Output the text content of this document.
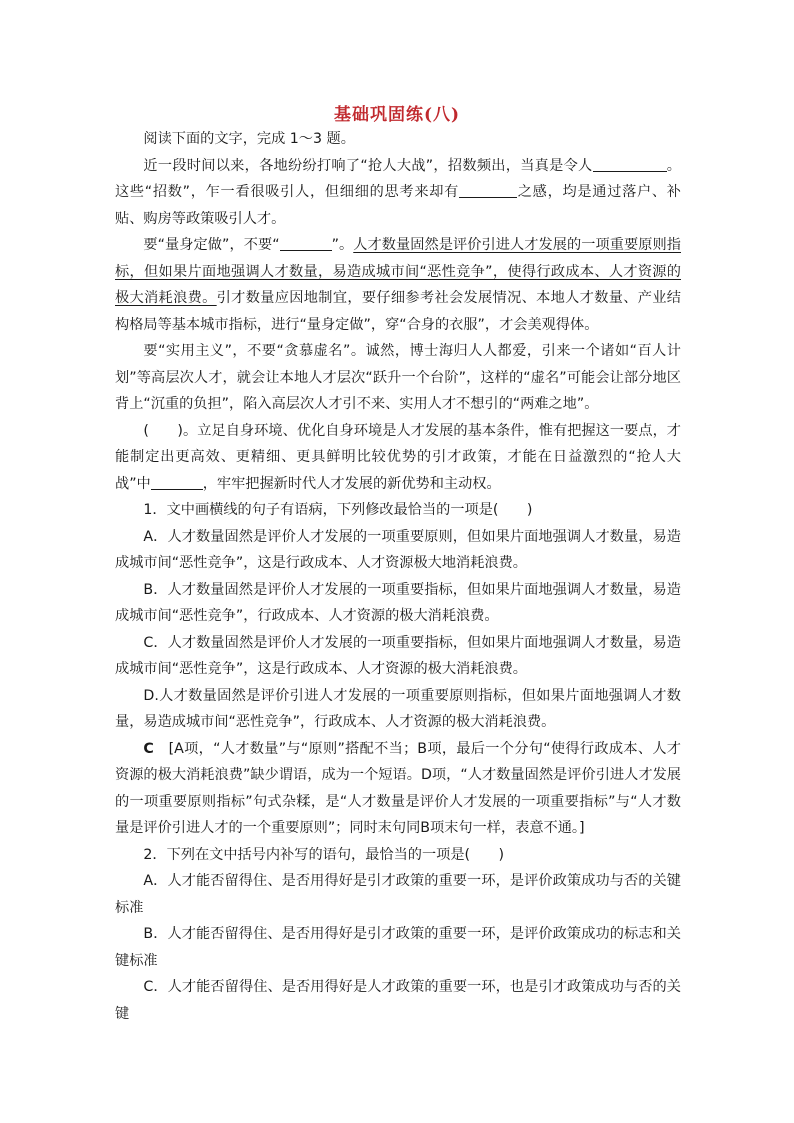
基础巩固练(八)

阅读下面的文字，完成 1～3 题。

近一段时间以来，各地纷纷打响了“抢人大战”，招数频出，当真是令人	。这些“招数”，乍一看很吸引人，但细细的思考来却有	之感，均是通过落户、补贴、购房等政策吸引人才。

要“量身定做”，不要“	”。人才数量固然是评价引进人才发展的一项重要原则指标，但如果片面地强调人才数量，易造成城市间“恶性竞争”，使得行政成本、人才资源的极大消耗浪费。引才数量应因地制宜，要仔细参考社会发展情况、本地人才数量、产业结构格局等基本城市指标，进行“量身定做”，穿“合身的衣服”，才会美观得体。

要“实用主义”，不要“贪慕虚名”。诚然，博士海归人人都爱，引来一个诸如“百人计划”等高层次人才，就会让本地人才层次“跃升一个台阶”，这样的“虚名”可能会让部分地区背上“沉重的负担”，陷入高层次人才引不来、实用人才不想引的“两难之地”。

(　　)。立足自身环境、优化自身环境是人才发展的基本条件，惟有把握这一要点，才能制定出更高效、更精细、更具鲜明比较优势的引才政策，才能在日益激烈的“抢人大战”中	，牢牢把握新时代人才发展的新优势和主动权。

1．文中画横线的句子有语病，下列修改最恰当的一项是(　　)

A．人才数量固然是评价人才发展的一项重要原则，但如果片面地强调人才数量，易造成城市间“恶性竞争”，这是行政成本、人才资源极大地消耗浪费。

B．人才数量固然是评价人才发展的一项重要指标，但如果片面地强调人才数量，易造成城市间“恶性竞争”，行政成本、人才资源的极大消耗浪费。

C．人才数量固然是评价人才发展的一项重要指标，但如果片面地强调人才数量，易造成城市间“恶性竞争”，这是行政成本、人才资源的极大消耗浪费。

D.人才数量固然是评价引进人才发展的一项重要原则指标，但如果片面地强调人才数量，易造成城市间“恶性竞争”，行政成本、人才资源的极大消耗浪费。

C　[A项，“人才数量”与“原则”搭配不当；B项，最后一个分句“使得行政成本、人才资源的极大消耗浪费”缺少谓语，成为一个短语。D项，“人才数量固然是评价引进人才发展的一项重要原则指标”句式杂糅，是“人才数量是评价人才发展的一项重要指标”与“人才数量是评价引进人才的一个重要原则”；同时末句同B项末句一样，表意不通。]

2．下列在文中括号内补写的语句，最恰当的一项是(　　)

A．人才能否留得住、是否用得好是引才政策的重要一环，是评价政策成功与否的关键标准

B．人才能否留得住、是否用得好是引才政策的重要一环，是评价政策成功的标志和关键标准

C．人才能否留得住、是否用得好是人才政策的重要一环，也是引才政策成功与否的关键
